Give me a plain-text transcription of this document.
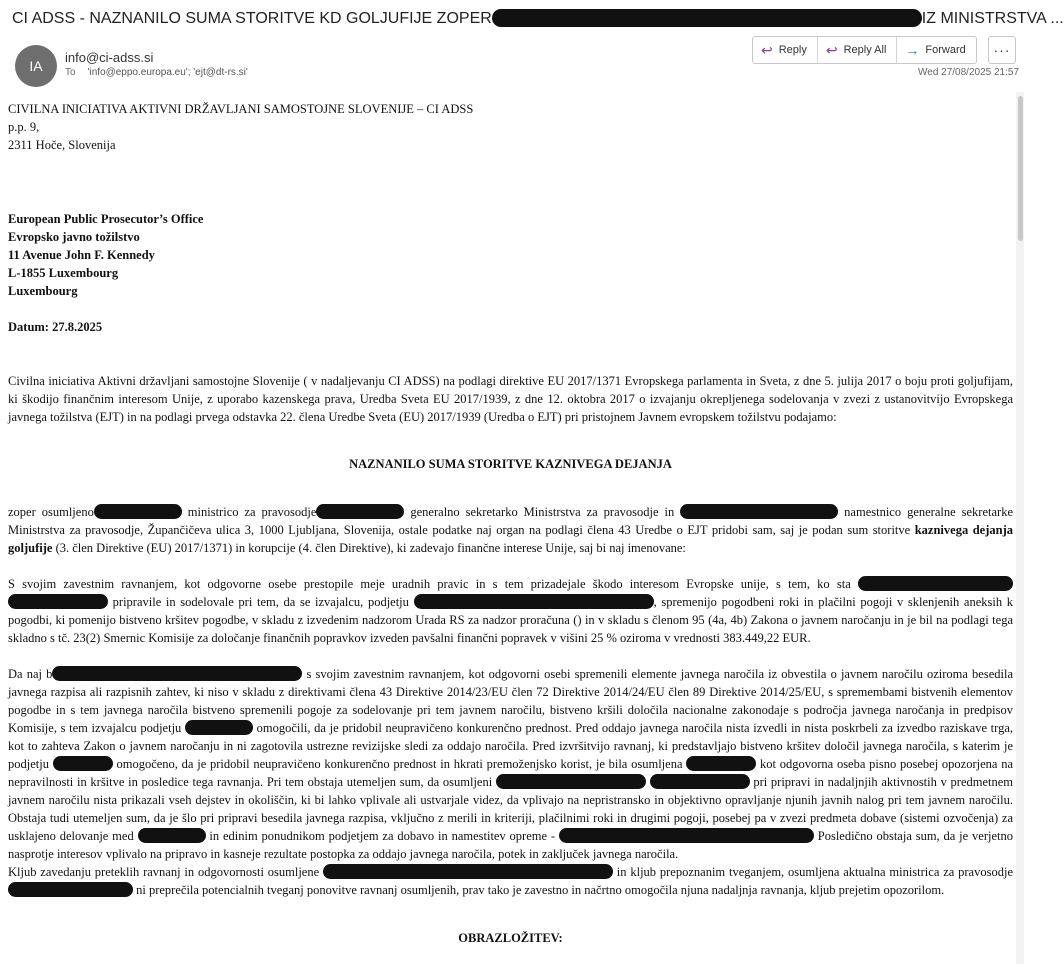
CI ADSS - NAZNANILO SUMA STORITVE KD GOLJUFIJE ZOPER	IZ MINISTRSTVA ...
IA
info@ci-adss.si
To 'info@eppo.europa.eu'; 'ejt@dt-rs.si'
↩ Reply ↩ Reply All → Forward	···
Wed 27/08/2025 21:57

CIVILNA INICIATIVA AKTIVNI DRŽAVLJANI SAMOSTOJNE SLOVENIJE – CI ADSS

p.p. 9,

2311 Hoče, Slovenija

European Public Prosecutor’s Office

Evropsko javno tožilstvo

11 Avenue John F. Kennedy

L-1855 Luxembourg

Luxembourg

Datum: 27.8.2025

Civilna iniciativa Aktivni državljani samostojne Slovenije ( v nadaljevanju CI ADSS) na podlagi direktive EU 2017/1371 Evropskega parlamenta in Sveta, z dne 5. julija 2017 o boju proti goljufijam, ki škodijo finančnim interesom Unije, z uporabo kazenskega prava, Uredba Sveta EU 2017/1939, z dne 12. oktobra 2017 o izvajanju okrepljenega sodelovanja v zvezi z ustanovitvijo Evropskega javnega tožilstva (EJT) in na podlagi prvega odstavka 22. člena Uredbe Sveta (EU) 2017/1939 (Uredba o EJT) pri pristojnem Javnem evropskem tožilstvu podajamo:

NAZNANILO SUMA STORITVE KAZNIVEGA DEJANJA

zoper osumljeno	ministrico za pravosodje	generalno sekretarko Ministrstva za pravosodje in	namestnico generalne sekretarke Ministrstva za pravosodje, Župančičeva ulica 3, 1000 Ljubljana, Slovenija, ostale podatke naj organ na podlagi člena 43 Uredbe o EJT pridobi sam, saj je podan sum storitve kaznivega dejanja goljufije (3. člen Direktive (EU) 2017/1371) in korupcije (4. člen Direktive), ki zadevajo finančne interese Unije, saj bi naj imenovane:

S svojim zavestnim ravnanjem, kot odgovorne osebe prestopile meje uradnih pravic in s tem prizadejale škodo interesom Evropske unije, s tem, ko sta   pripravile in sodelovale pri tem, da se izvajalcu, podjetju	, spremenijo pogodbeni roki in plačilni pogoji v sklenjenih aneksih k pogodbi, ki pomenijo bistveno kršitev pogodbe, v skladu z izvedenim nadzorom Urada RS za nadzor proračuna () in v skladu s členom 95 (4a, 4b) Zakona o javnem naročanju in je bil na podlagi tega skladno s tč. 23(2) Smernic Komisije za določanje finančnih popravkov izveden pavšalni finančni popravek v višini 25 % oziroma v vrednosti 383.449,22 EUR.

Da naj b	s svojim zavestnim ravnanjem, kot odgovorni osebi spremenili elemente javnega naročila iz obvestila o javnem naročilu oziroma besedila javnega razpisa ali razpisnih zahtev, ki niso v skladu z direktivami člena 43 Direktive 2014/23/EU člen 72 Direktive 2014/24/EU člen 89 Direktive 2014/25/EU, s spremembami bistvenih elementov pogodbe in s tem javnega naročila bistveno spremenili pogoje za sodelovanje pri tem javnem naročilu, bistveno kršili določila nacionalne zakonodaje s področja javnega naročanja in predpisov Komisije, s tem izvajalcu podjetju	omogočili, da je pridobil neupravičeno konkurenčno prednost. Pred oddajo javnega naročila nista izvedli in nista poskrbeli za izvedbo raziskave trga, kot to zahteva Zakon o javnem naročanju in ni zagotovila ustrezne revizijske sledi za oddajo naročila. Pred izvršitvijo ravnanj, ki predstavljajo bistveno kršitev določil javnega naročila, s katerim je podjetju	omogočeno, da je pridobil neupravičeno konkurenčno prednost in hkrati premoženjsko korist, je bila osumljena	kot odgovorna oseba pisno posebej opozorjena na nepravilnosti in kršitve in posledice tega ravnanja. Pri tem obstaja utemeljen sum, da osumljeni	pri pripravi in nadaljnjih aktivnostih v predmetnem javnem naročilu nista prikazali vseh dejstev in okoliščin, ki bi lahko vplivale ali ustvarjale videz, da vplivajo na nepristransko in objektivno opravljanje njunih javnih nalog pri tem javnem naročilu. Obstaja tudi utemeljen sum, da je šlo pri pripravi besedila javnega razpisa, vključno z merili in kriteriji, plačilnimi roki in drugimi pogoji, posebej pa v zvezi predmeta dobave (sistemi ozvočenja) za usklajeno delovanje med	in edinim ponudnikom podjetjem za dobavo in namestitev opreme -	Posledično obstaja sum, da je verjetno nasprotje interesov vplivalo na pripravo in kasneje rezultate postopka za oddajo javnega naročila, potek in zaključek javnega naročila.

Kljub zavedanju preteklih ravnanj in odgovornosti osumljene	in kljub prepoznanim tveganjem, osumljena aktualna ministrica za pravosodje  ni preprečila potencialnih tveganj ponovitve ravnanj osumljenih, prav tako je zavestno in načrtno omogočila njuna nadaljnja ravnanja, kljub prejetim opozorilom.

OBRAZLOŽITEV:
